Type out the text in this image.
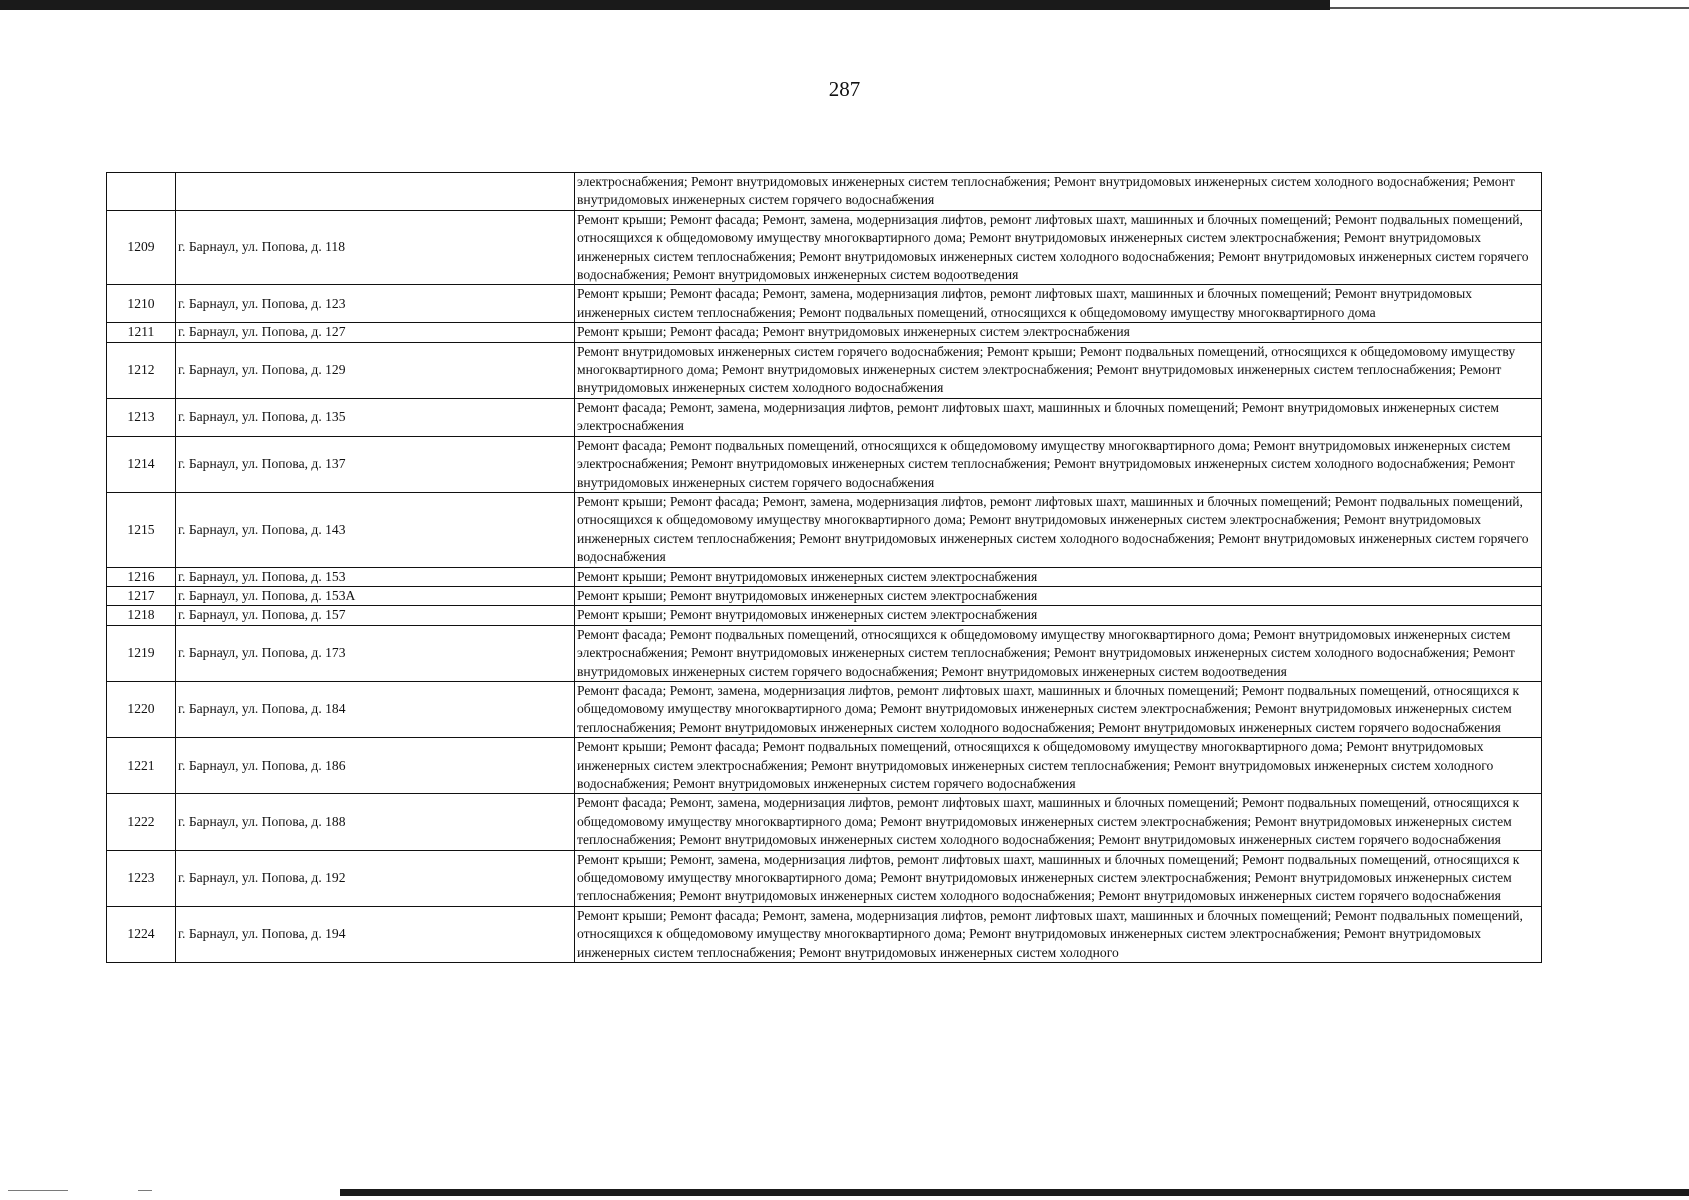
287
		электроснабжения; Ремонт внутридомовых инженерных систем теплоснабжения; Ремонт внутридомовых инженерных систем холодного водоснабжения; Ремонт внутридомовых инженерных систем горячего водоснабжения
1209	г. Барнаул, ул. Попова, д. 118	Ремонт крыши; Ремонт фасада; Ремонт, замена, модернизация лифтов, ремонт лифтовых шахт, машинных и блочных помещений; Ремонт подвальных помещений, относящихся к общедомовому имуществу многоквартирного дома; Ремонт внутридомовых инженерных систем электроснабжения; Ремонт внутридомовых инженерных систем теплоснабжения; Ремонт внутридомовых инженерных систем холодного водоснабжения; Ремонт внутридомовых инженерных систем горячего водоснабжения; Ремонт внутридомовых инженерных систем водоотведения
1210	г. Барнаул, ул. Попова, д. 123	Ремонт крыши; Ремонт фасада; Ремонт, замена, модернизация лифтов, ремонт лифтовых шахт, машинных и блочных помещений; Ремонт внутридомовых инженерных систем теплоснабжения; Ремонт подвальных помещений, относящихся к общедомовому имуществу многоквартирного дома
1211	г. Барнаул, ул. Попова, д. 127	Ремонт крыши; Ремонт фасада; Ремонт внутридомовых инженерных систем электроснабжения
1212	г. Барнаул, ул. Попова, д. 129	Ремонт внутридомовых инженерных систем горячего водоснабжения; Ремонт крыши; Ремонт подвальных помещений, относящихся к общедомовому имуществу многоквартирного дома; Ремонт внутридомовых инженерных систем электроснабжения; Ремонт внутридомовых инженерных систем теплоснабжения; Ремонт внутридомовых инженерных систем холодного водоснабжения
1213	г. Барнаул, ул. Попова, д. 135	Ремонт фасада; Ремонт, замена, модернизация лифтов, ремонт лифтовых шахт, машинных и блочных помещений; Ремонт внутридомовых инженерных систем электроснабжения
1214	г. Барнаул, ул. Попова, д. 137	Ремонт фасада; Ремонт подвальных помещений, относящихся к общедомовому имуществу многоквартирного дома; Ремонт внутридомовых инженерных систем электроснабжения; Ремонт внутридомовых инженерных систем теплоснабжения; Ремонт внутридомовых инженерных систем холодного водоснабжения; Ремонт внутридомовых инженерных систем горячего водоснабжения
1215	г. Барнаул, ул. Попова, д. 143	Ремонт крыши; Ремонт фасада; Ремонт, замена, модернизация лифтов, ремонт лифтовых шахт, машинных и блочных помещений; Ремонт подвальных помещений, относящихся к общедомовому имуществу многоквартирного дома; Ремонт внутридомовых инженерных систем электроснабжения; Ремонт внутридомовых инженерных систем теплоснабжения; Ремонт внутридомовых инженерных систем холодного водоснабжения; Ремонт внутридомовых инженерных систем горячего водоснабжения
1216	г. Барнаул, ул. Попова, д. 153	Ремонт крыши; Ремонт внутридомовых инженерных систем электроснабжения
1217	г. Барнаул, ул. Попова, д. 153А	Ремонт крыши; Ремонт внутридомовых инженерных систем электроснабжения
1218	г. Барнаул, ул. Попова, д. 157	Ремонт крыши; Ремонт внутридомовых инженерных систем электроснабжения
1219	г. Барнаул, ул. Попова, д. 173	Ремонт фасада; Ремонт подвальных помещений, относящихся к общедомовому имуществу многоквартирного дома; Ремонт внутридомовых инженерных систем электроснабжения; Ремонт внутридомовых инженерных систем теплоснабжения; Ремонт внутридомовых инженерных систем холодного водоснабжения; Ремонт внутридомовых инженерных систем горячего водоснабжения; Ремонт внутридомовых инженерных систем водоотведения
1220	г. Барнаул, ул. Попова, д. 184	Ремонт фасада; Ремонт, замена, модернизация лифтов, ремонт лифтовых шахт, машинных и блочных помещений; Ремонт подвальных помещений, относящихся к общедомовому имуществу многоквартирного дома; Ремонт внутридомовых инженерных систем электроснабжения; Ремонт внутридомовых инженерных систем теплоснабжения; Ремонт внутридомовых инженерных систем холодного водоснабжения; Ремонт внутридомовых инженерных систем горячего водоснабжения
1221	г. Барнаул, ул. Попова, д. 186	Ремонт крыши; Ремонт фасада; Ремонт подвальных помещений, относящихся к общедомовому имуществу многоквартирного дома; Ремонт внутридомовых инженерных систем электроснабжения; Ремонт внутридомовых инженерных систем теплоснабжения; Ремонт внутридомовых инженерных систем холодного водоснабжения; Ремонт внутридомовых инженерных систем горячего водоснабжения
1222	г. Барнаул, ул. Попова, д. 188	Ремонт фасада; Ремонт, замена, модернизация лифтов, ремонт лифтовых шахт, машинных и блочных помещений; Ремонт подвальных помещений, относящихся к общедомовому имуществу многоквартирного дома; Ремонт внутридомовых инженерных систем электроснабжения; Ремонт внутридомовых инженерных систем теплоснабжения; Ремонт внутридомовых инженерных систем холодного водоснабжения; Ремонт внутридомовых инженерных систем горячего водоснабжения
1223	г. Барнаул, ул. Попова, д. 192	Ремонт крыши; Ремонт, замена, модернизация лифтов, ремонт лифтовых шахт, машинных и блочных помещений; Ремонт подвальных помещений, относящихся к общедомовому имуществу многоквартирного дома; Ремонт внутридомовых инженерных систем электроснабжения; Ремонт внутридомовых инженерных систем теплоснабжения; Ремонт внутридомовых инженерных систем холодного водоснабжения; Ремонт внутридомовых инженерных систем горячего водоснабжения
1224	г. Барнаул, ул. Попова, д. 194	Ремонт крыши; Ремонт фасада; Ремонт, замена, модернизация лифтов, ремонт лифтовых шахт, машинных и блочных помещений; Ремонт подвальных помещений, относящихся к общедомовому имуществу многоквартирного дома; Ремонт внутридомовых инженерных систем электроснабжения; Ремонт внутридомовых инженерных систем теплоснабжения; Ремонт внутридомовых инженерных систем холодного
